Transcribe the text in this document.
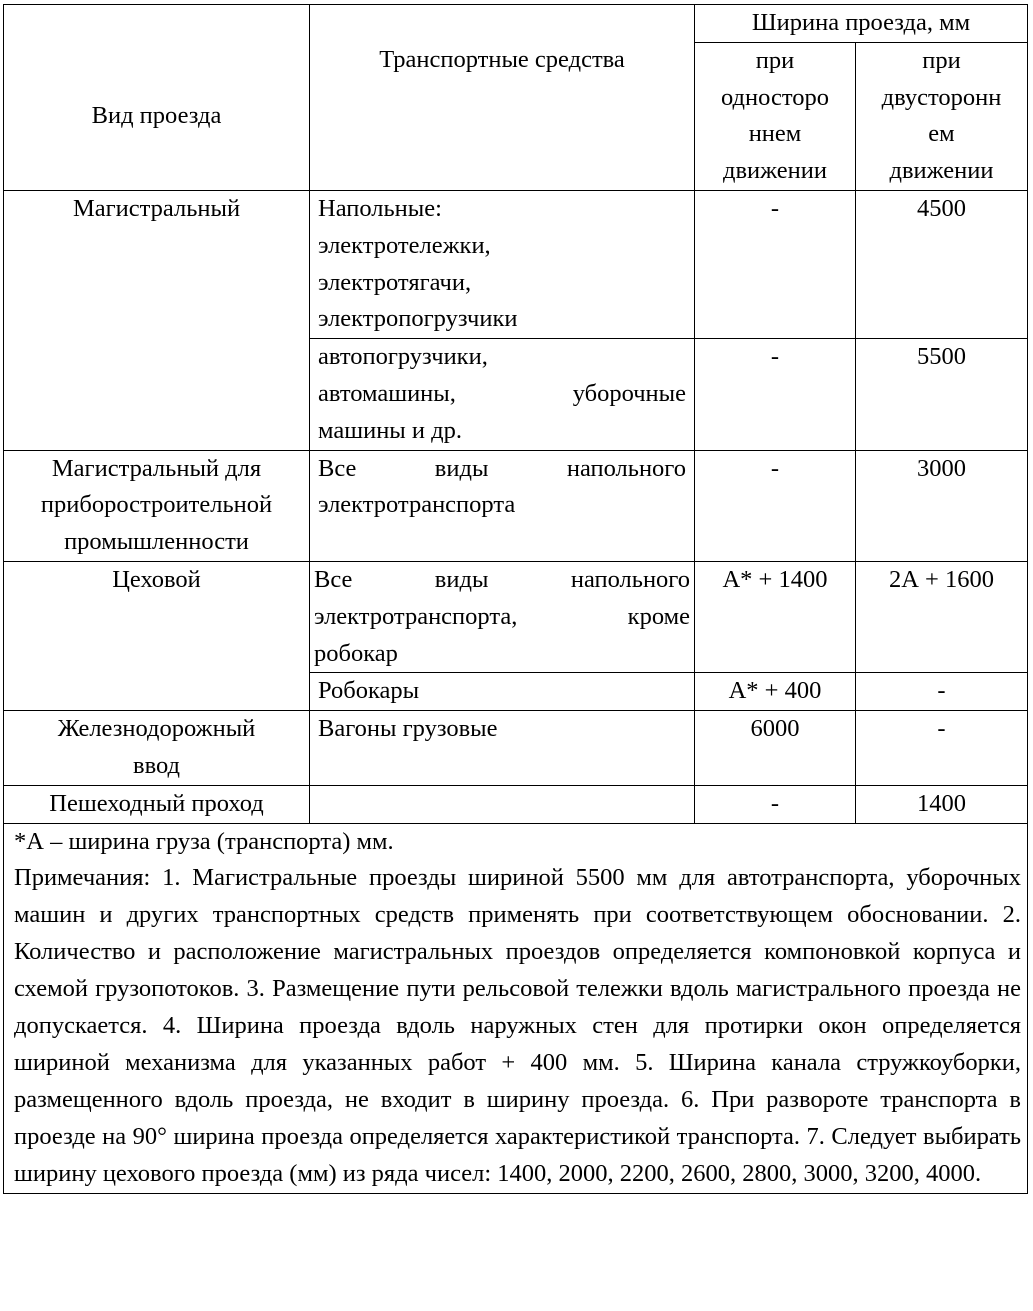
Вид проезда	Транспортные средства	Ширина проезда, мм	

		при
односторо
ннем
движении	при
двусторонн
ем
движении

Магистральный	Напольные:
электротележки,
электротягачи,
электропогрузчики	-	4500

	автопогрузчики,
автомашины, уборочные
машины и др.	-	5500

Магистральный для
приборостроительной
промышленности	Все виды напольного
электротранспорта	-	3000
Цеховой	Все виды напольного
электротранспорта, кроме
робокар	А* + 1400	2А + 1600

	Робокары	А* + 400	-

Железнодорожный
ввод	Вагоны грузовые	6000	-
Пешеходный проход		-	1400

*А – ширина груза (транспорта) мм.
Примечания: 1. Магистральные проезды шириной 5500 мм для автотранспорта, уборочных машин и других транспортных средств применять при соответствующем обосновании. 2. Количество и расположение магистральных проездов определяется компоновкой корпуса и схемой грузопотоков. 3. Размещение пути рельсовой тележки вдоль магистрального проезда не допускается. 4. Ширина проезда вдоль наружных стен для протирки окон определяется шириной механизма для указанных работ + 400 мм. 5. Ширина канала стружкоуборки, размещенного вдоль проезда, не входит в ширину проезда. 6. При развороте транспорта в проезде на 90° ширина проезда определяется характеристикой транспорта. 7. Следует выбирать ширину цехового проезда (мм) из ряда чисел: 1400, 2000, 2200, 2600, 2800, 3000, 3200, 4000.			
